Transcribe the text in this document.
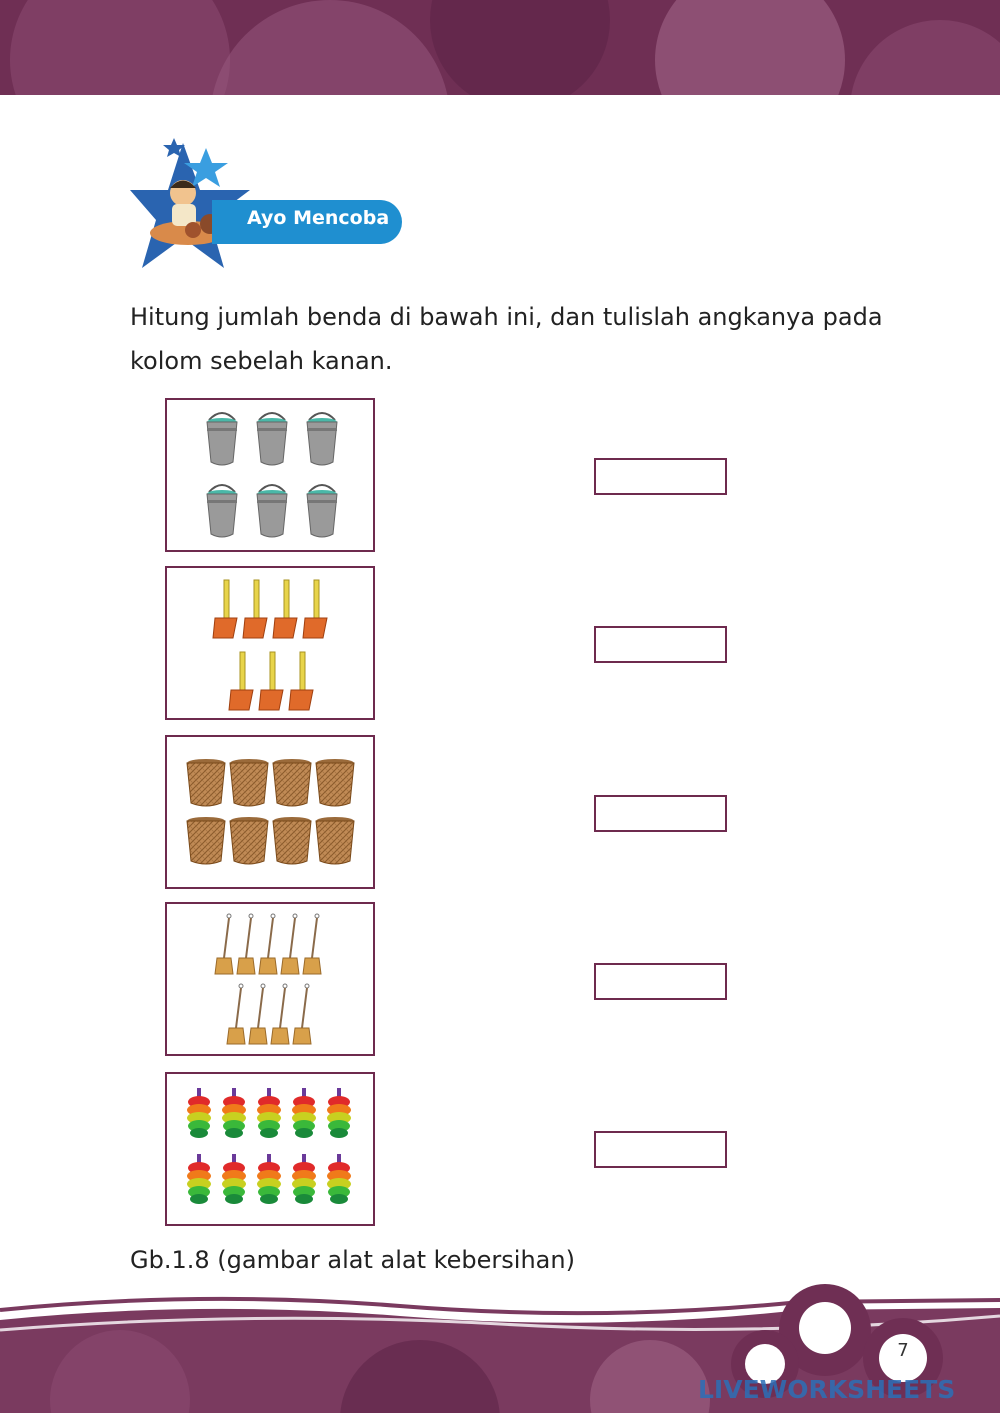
Ayo Mencoba
Hitung jumlah benda di bawah ini, dan tulislah angkanya pada kolom sebelah kanan.
Gb.1.8 (gambar alat alat kebersihan)
7
LIVEWORKSHEETS
